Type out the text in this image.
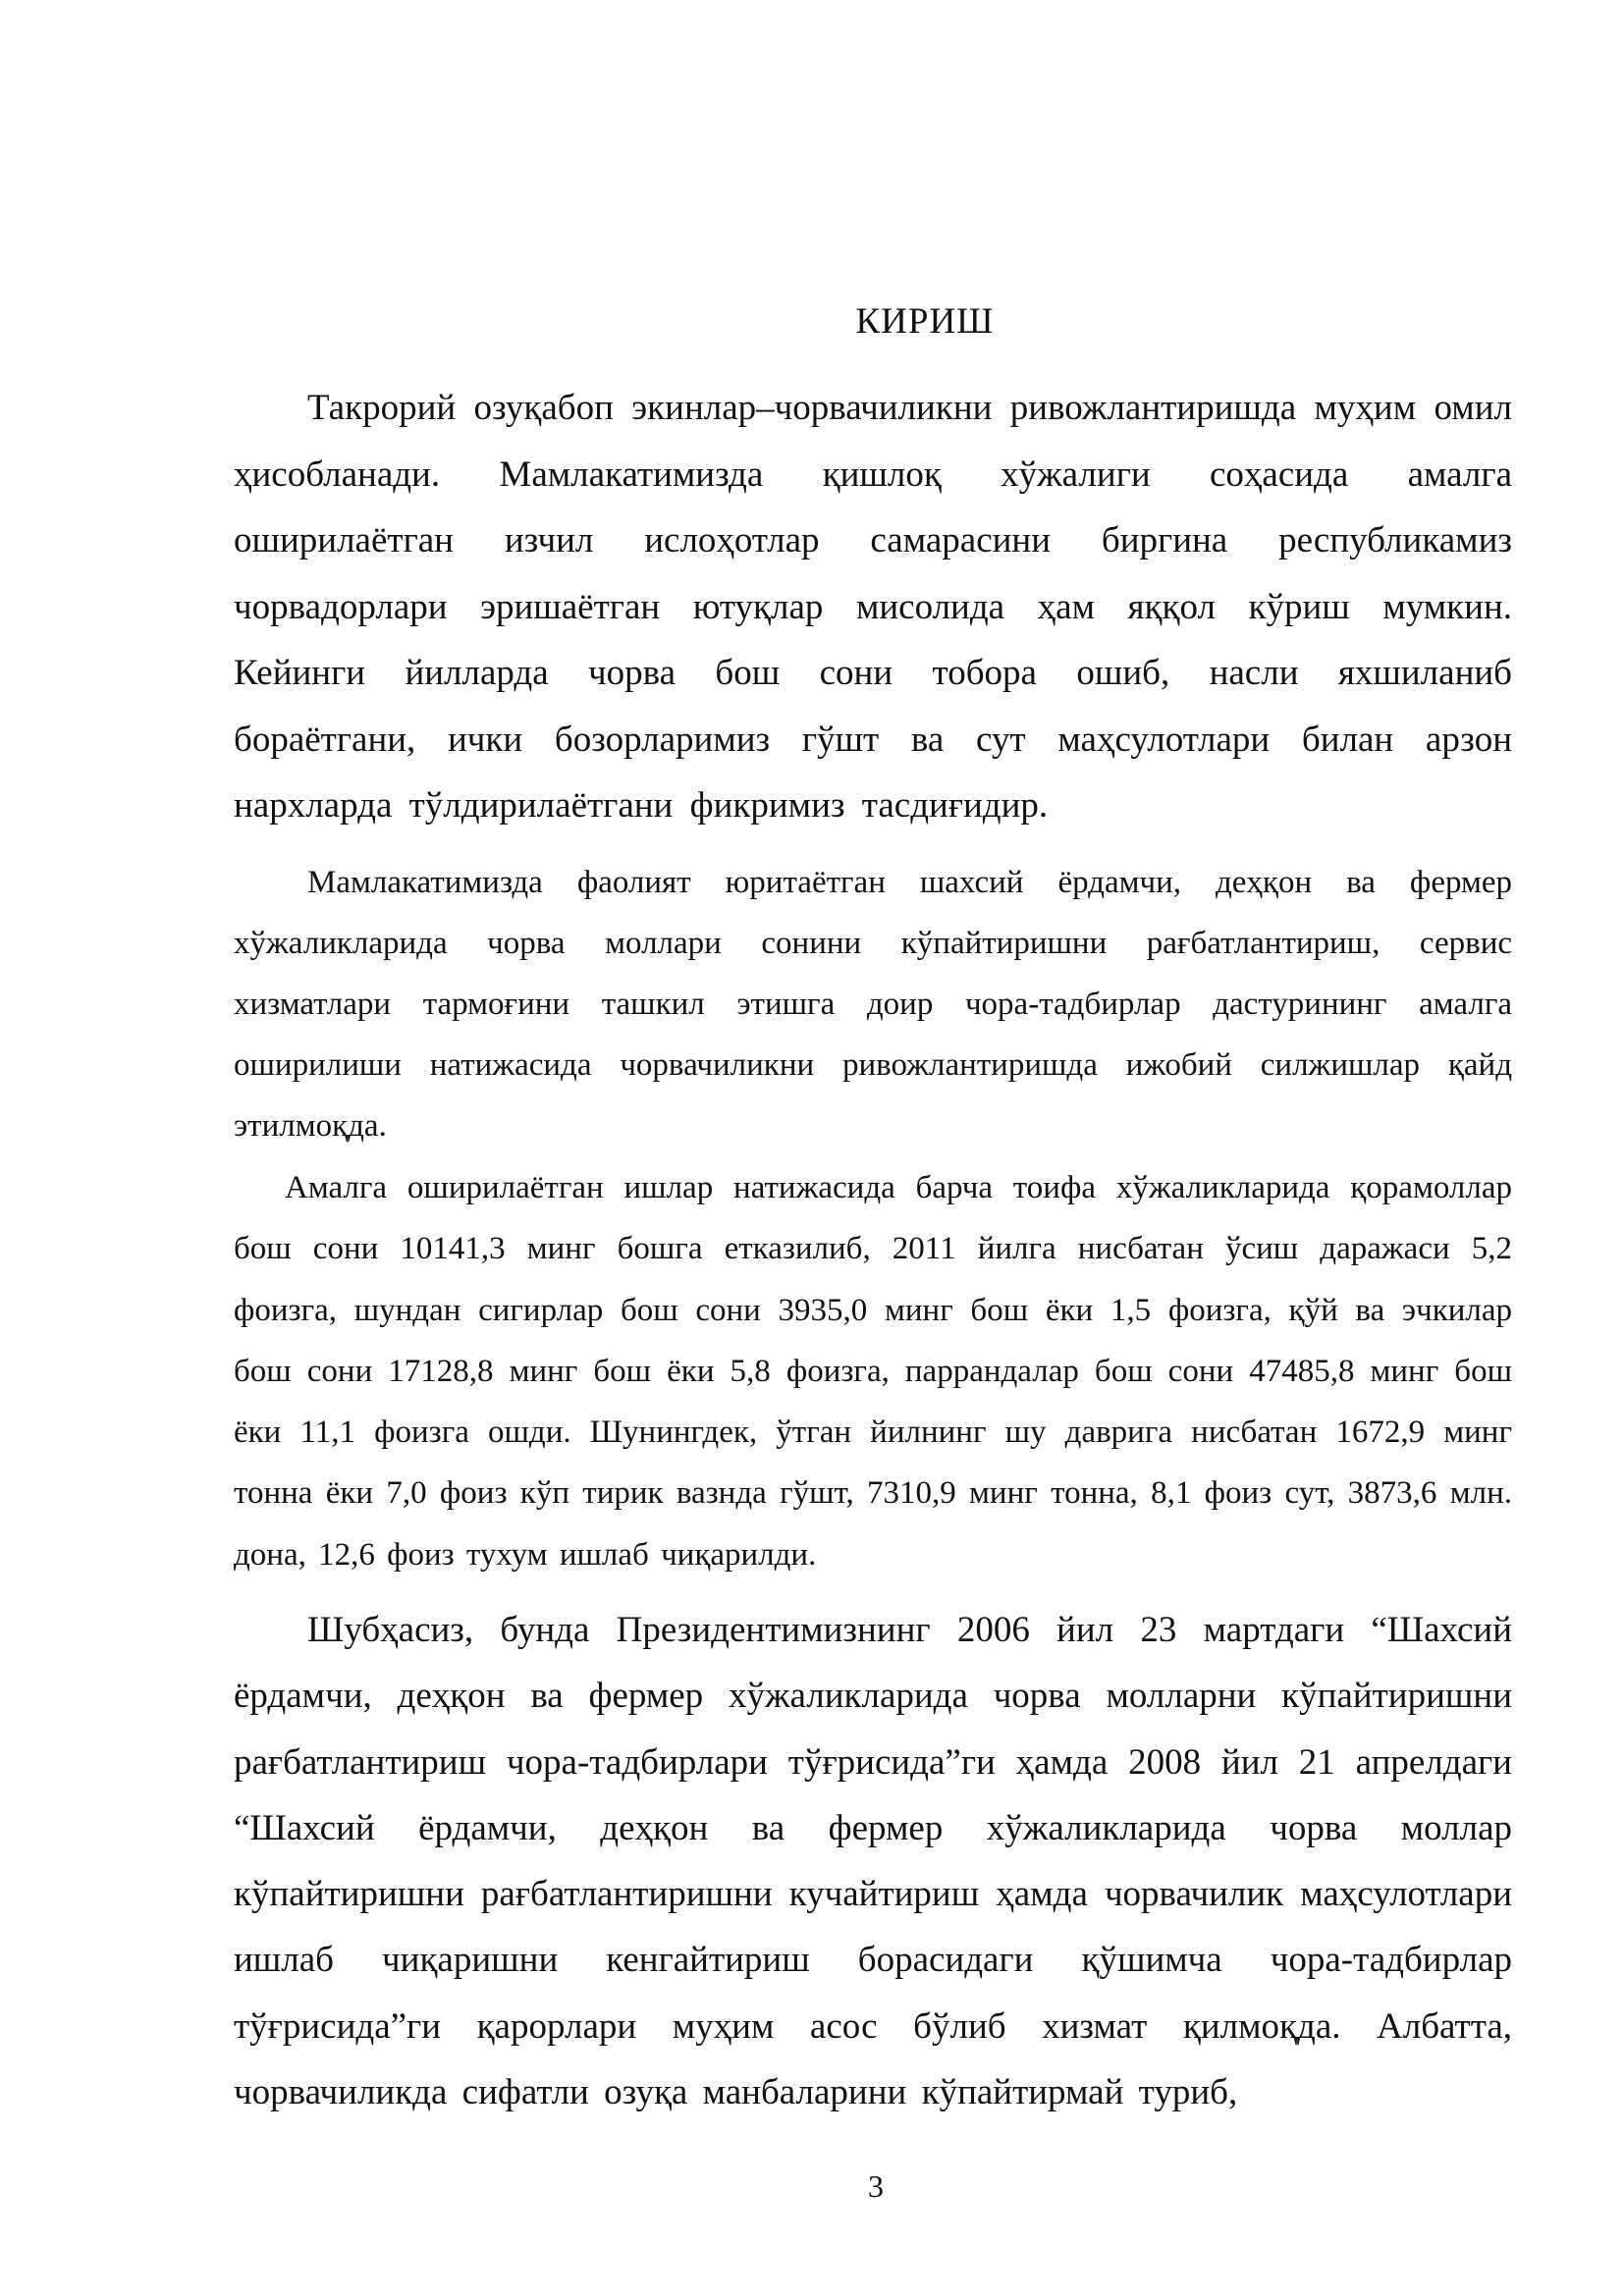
КИРИШ

Такрорий озуқабоп экинлар–чорвачиликни ривожлантиришда муҳим омил ҳисобланади. Мамлакатимизда қишлоқ хўжалиги соҳасида амалга оширилаётган изчил ислоҳотлар самарасини биргина республикамиз чорвадорлари эришаётган ютуқлар мисолида ҳам яққол кўриш мумкин. Кейинги йилларда чорва бош сони тобора ошиб, насли яхшиланиб бораётгани, ички бозорларимиз гўшт ва сут маҳсулотлари билан арзон нархларда тўлдирилаётгани фикримиз тасдиғидир.

Мамлакатимизда фаолият юритаётган шахсий ёрдамчи, деҳқон ва фермер хўжаликларида чорва моллари сонини кўпайтиришни рағбатлантириш, сервис хизматлари тармоғини ташкил этишга доир чора-тадбирлар дастурининг амалга оширилиши натижасида чорвачиликни ривожлантиришда ижобий силжишлар қайд этилмоқда.

Амалга оширилаётган ишлар натижасида барча тоифа хўжаликларида қорамоллар бош сони 10141,3 минг бошга етказилиб, 2011 йилга нисбатан ўсиш даражаси 5,2 фоизга, шундан сигирлар бош сони 3935,0 минг бош ёки 1,5 фоизга, қўй ва эчкилар бош сони 17128,8 минг бош ёки 5,8 фоизга, паррандалар бош сони 47485,8 минг бош ёки 11,1 фоизга ошди. Шунингдек, ўтган йилнинг шу даврига нисбатан 1672,9 минг тонна ёки 7,0 фоиз кўп тирик вазнда гўшт, 7310,9 минг тонна, 8,1 фоиз сут, 3873,6 млн. дона, 12,6 фоиз тухум ишлаб чиқарилди.

Шубҳасиз, бунда Президентимизнинг 2006 йил 23 мартдаги “Шахсий ёрдамчи, деҳқон ва фермер хўжаликларида чорва молларни кўпайтиришни рағбатлантириш чора-тадбирлари тўғрисида”ги ҳамда 2008 йил 21 апрелдаги “Шахсий ёрдамчи, деҳқон ва фермер хўжаликларида чорва моллар кўпайтиришни рағбатлантиришни кучайтириш ҳамда чорвачилик маҳсулотлари ишлаб чиқаришни кенгайтириш борасидаги қўшимча чора-тадбирлар тўғрисида”ги қарорлари муҳим асос бўлиб хизмат қилмоқда. Албатта, чорвачиликда сифатли озуқа манбаларини кўпайтирмай туриб,

3
